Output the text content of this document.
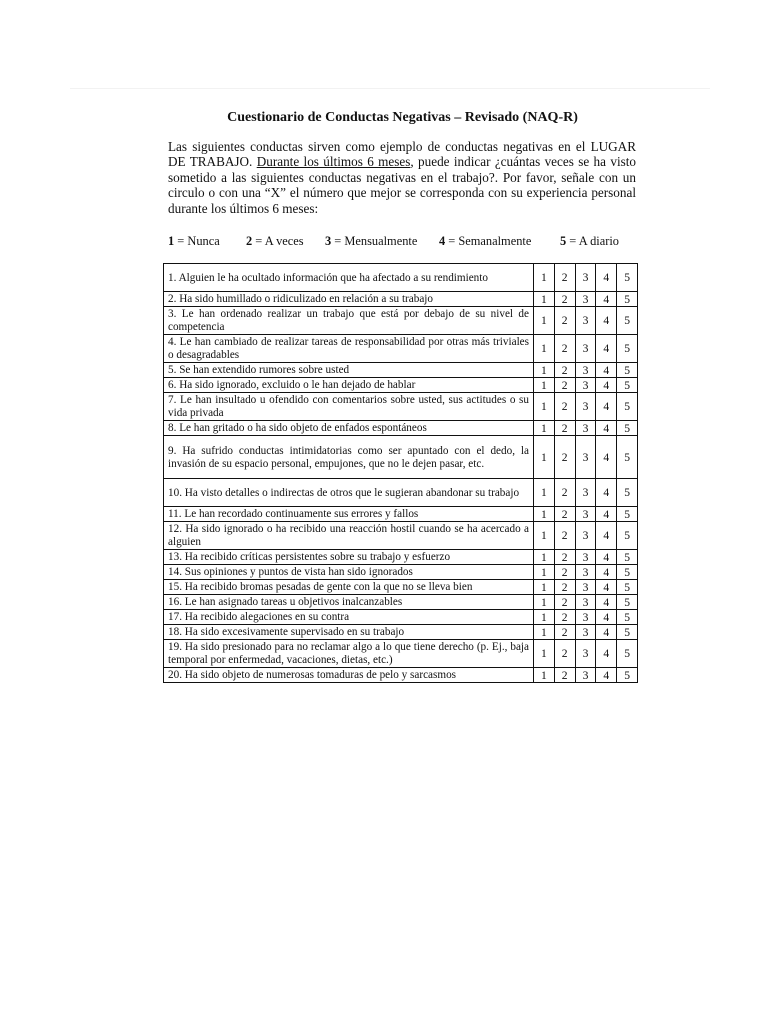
Cuestionario de Conductas Negativas – Revisado (NAQ-R)
Las siguientes conductas sirven como ejemplo de conductas negativas en el LUGAR DE TRABAJO. Durante los últimos 6 meses, puede indicar ¿cuántas veces se ha visto sometido a las siguientes conductas negativas en el trabajo?. Por favor, señale con un circulo o con una “X” el número que mejor se corresponda con su experiencia personal durante los últimos 6 meses:
1 = Nunca 2 = A veces 3 = Mensualmente 4 = Semanalmente 5 = A diario
1. Alguien le ha ocultado información que ha afectado a su rendimiento	1	2	3	4	5
2. Ha sido humillado o ridiculizado en relación a su trabajo	1	2	3	4	5
3. Le han ordenado realizar un trabajo que está por debajo de su nivel de competencia	1	2	3	4	5
4. Le han cambiado de realizar tareas de responsabilidad por otras más triviales o desagradables	1	2	3	4	5
5. Se han extendido rumores sobre usted	1	2	3	4	5
6. Ha sido ignorado, excluido o le han dejado de hablar	1	2	3	4	5
7. Le han insultado u ofendido con comentarios sobre usted, sus actitudes o su vida privada	1	2	3	4	5
8. Le han gritado o ha sido objeto de enfados espontáneos	1	2	3	4	5
9. Ha sufrido conductas intimidatorias como ser apuntado con el dedo, la invasión de su espacio personal, empujones, que no le dejen pasar, etc.	1	2	3	4	5
10. Ha visto detalles o indirectas de otros que le sugieran abandonar su trabajo	1	2	3	4	5
11. Le han recordado continuamente sus errores y fallos	1	2	3	4	5
12. Ha sido ignorado o ha recibido una reacción hostil cuando se ha acercado a alguien	1	2	3	4	5
13. Ha recibido críticas persistentes sobre su trabajo y esfuerzo	1	2	3	4	5
14. Sus opiniones y puntos de vista han sido ignorados	1	2	3	4	5
15. Ha recibido bromas pesadas de gente con la que no se lleva bien	1	2	3	4	5
16. Le han asignado tareas u objetivos inalcanzables	1	2	3	4	5
17. Ha recibido alegaciones en su contra	1	2	3	4	5
18. Ha sido excesivamente supervisado en su trabajo	1	2	3	4	5
19. Ha sido presionado para no reclamar algo a lo que tiene derecho (p. Ej., baja temporal por enfermedad, vacaciones, dietas, etc.)	1	2	3	4	5
20. Ha sido objeto de numerosas tomaduras de pelo y sarcasmos	1	2	3	4	5
